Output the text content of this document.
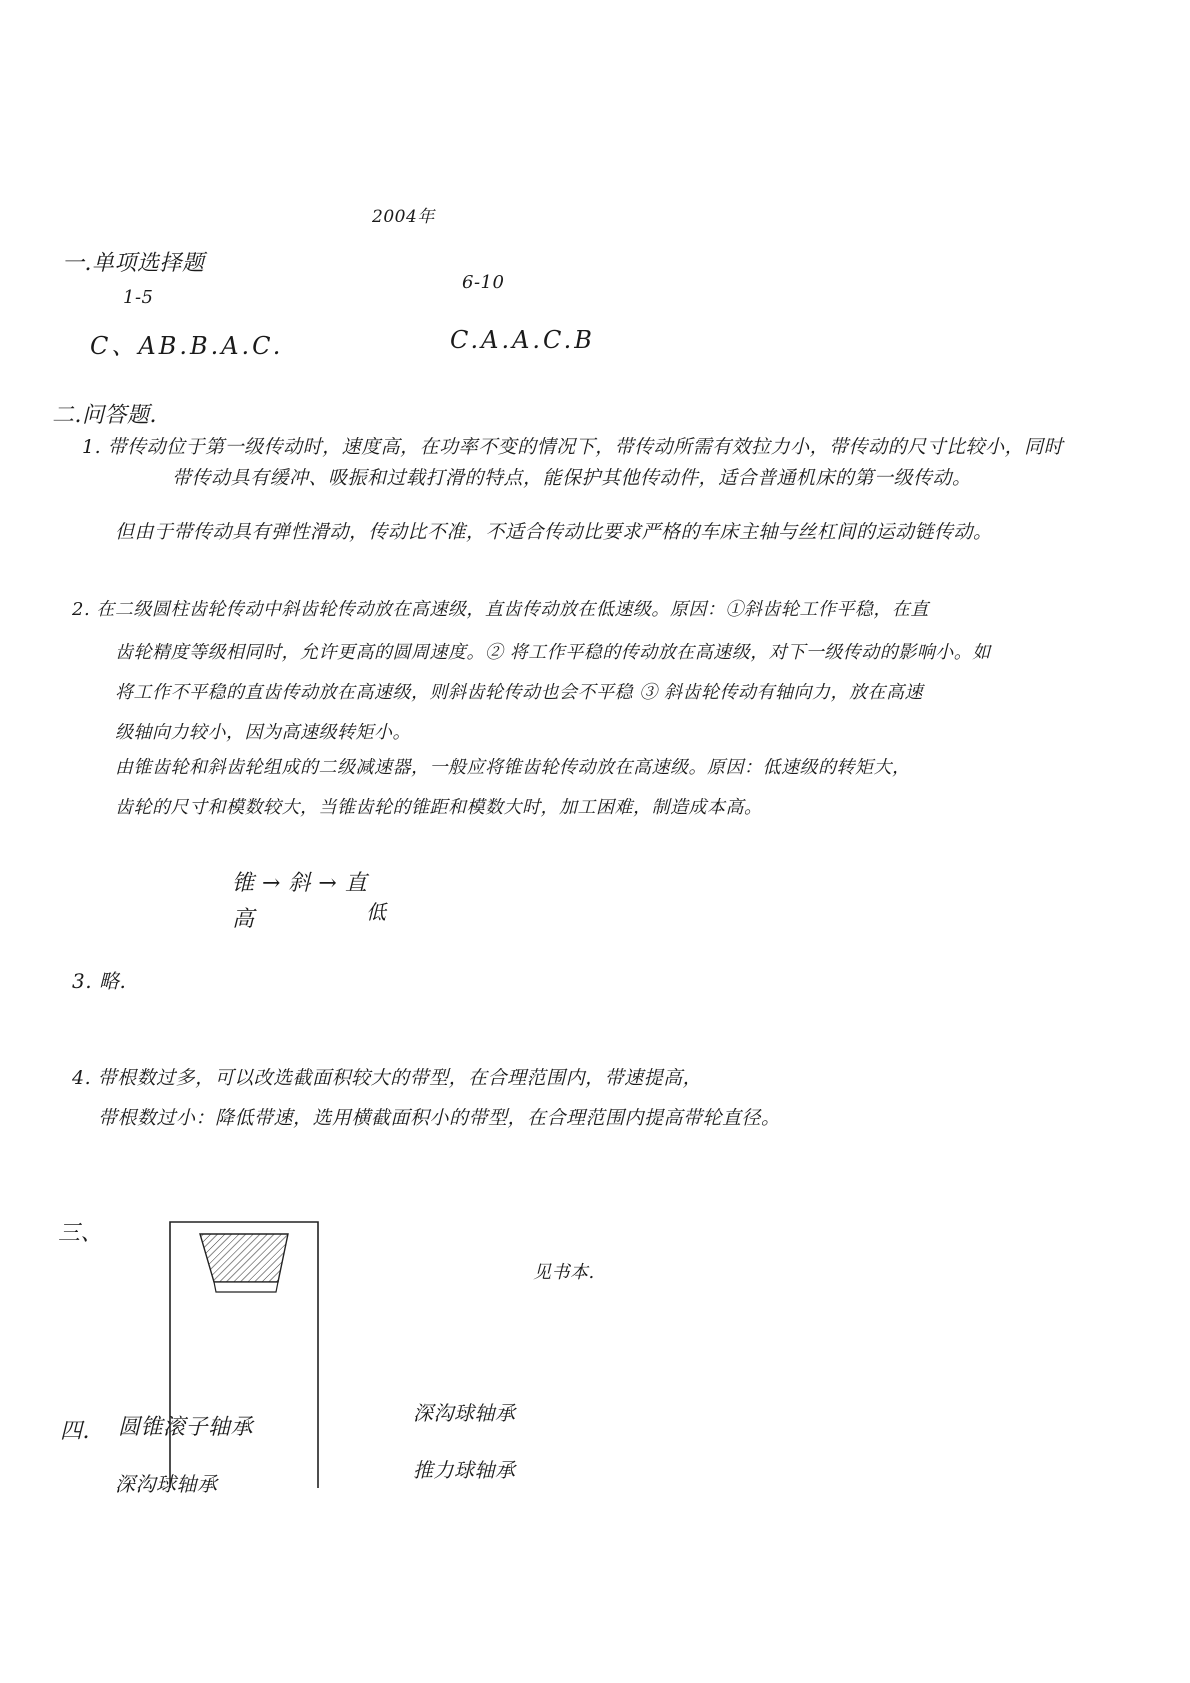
2004年
一.单项选择题
1-5
6-10
C、AB.B.A.C.	C.A.A.C.B
二.问答题.
1. 带传动位于第一级传动时，速度高，在功率不变的情况下，带传动所需有效拉力小，带传动的尺寸比较小，同时
带传动具有缓冲、吸振和过载打滑的特点，能保护其他传动件，适合普通机床的第一级传动。
但由于带传动具有弹性滑动，传动比不准，不适合传动比要求严格的车床主轴与丝杠间的运动链传动。
2. 在二级圆柱齿轮传动中斜齿轮传动放在高速级，直齿传动放在低速级。原因：①斜齿轮工作平稳，在直
齿轮精度等级相同时，允许更高的圆周速度。② 将工作平稳的传动放在高速级，对下一级传动的影响小。如
将工作不平稳的直齿传动放在高速级，则斜齿轮传动也会不平稳 ③ 斜齿轮传动有轴向力，放在高速
级轴向力较小，因为高速级转矩小。
由锥齿轮和斜齿轮组成的二级减速器，一般应将锥齿轮传动放在高速级。原因：低速级的转矩大，
齿轮的尺寸和模数较大，当锥齿轮的锥距和模数大时，加工困难，制造成本高。
锥 → 斜 → 直
高	低
3. 略.
4. 带根数过多，可以改选截面积较大的带型，在合理范围内，带速提高，
带根数过小：降低带速，选用横截面积小的带型，在合理范围内提高带轮直径。
三、
见书本.
四. 圆锥滚子轴承
深沟球轴承
深沟球轴承
推力球轴承
